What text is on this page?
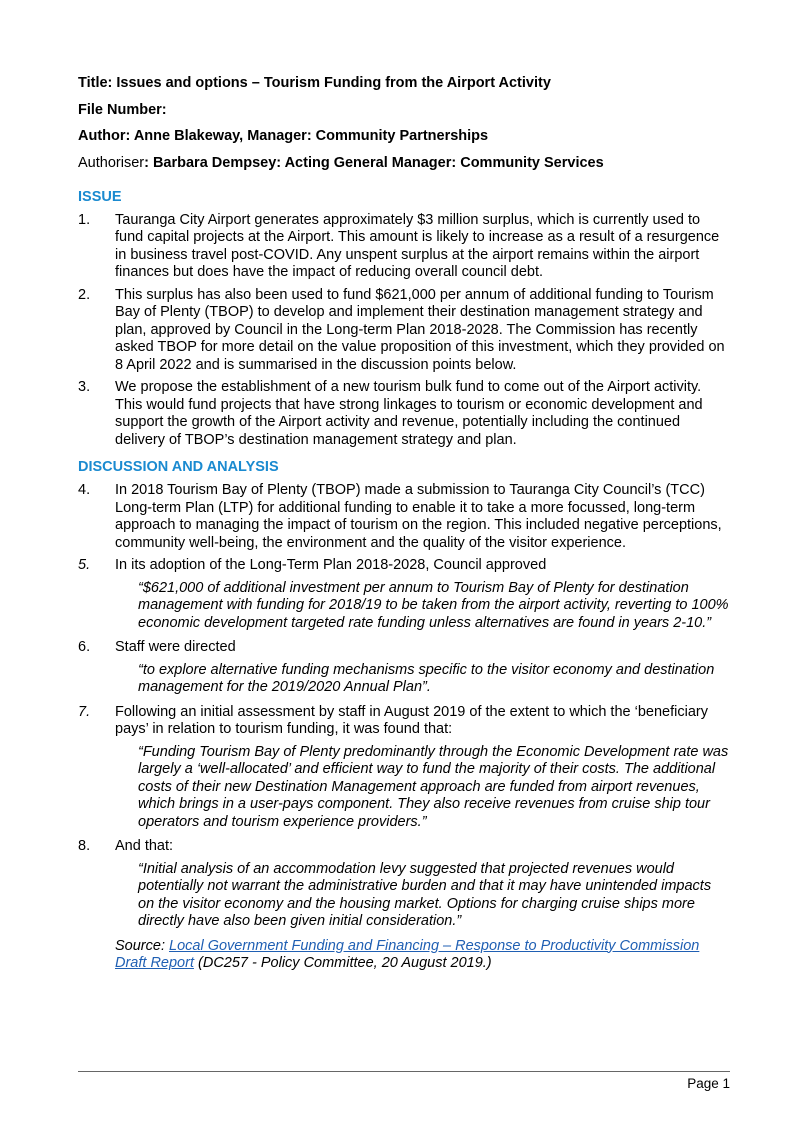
Title: Issues and options – Tourism Funding from the Airport Activity
File Number:
Author: Anne Blakeway, Manager: Community Partnerships
Authoriser: Barbara Dempsey: Acting General Manager: Community Services
ISSUE
1.	Tauranga City Airport generates approximately $3 million surplus, which is currently used to fund capital projects at the Airport. This amount is likely to increase as a result of a resurgence in business travel post-COVID. Any unspent surplus at the airport remains within the airport finances but does have the impact of reducing overall council debt.
2.	This surplus has also been used to fund $621,000 per annum of additional funding to Tourism Bay of Plenty (TBOP) to develop and implement their destination management strategy and plan, approved by Council in the Long-term Plan 2018-2028. The Commission has recently asked TBOP for more detail on the value proposition of this investment, which they provided on 8 April 2022 and is summarised in the discussion points below.
3.	We propose the establishment of a new tourism bulk fund to come out of the Airport activity. This would fund projects that have strong linkages to tourism or economic development and support the growth of the Airport activity and revenue, potentially including the continued delivery of TBOP’s destination management strategy and plan.
DISCUSSION AND ANALYSIS
4.	In 2018 Tourism Bay of Plenty (TBOP) made a submission to Tauranga City Council’s (TCC) Long-term Plan (LTP) for additional funding to enable it to take a more focussed, long-term approach to managing the impact of tourism on the region. This included negative perceptions, community well-being, the environment and the quality of the visitor experience.
5.	In its adoption of the Long-Term Plan 2018-2028, Council approved
“$621,000 of additional investment per annum to Tourism Bay of Plenty for destination management with funding for 2018/19 to be taken from the airport activity, reverting to 100% economic development targeted rate funding unless alternatives are found in years 2-10.”
6.	Staff were directed
“to explore alternative funding mechanisms specific to the visitor economy and destination management for the 2019/2020 Annual Plan”.
7.	Following an initial assessment by staff in August 2019 of the extent to which the ‘beneficiary pays’ in relation to tourism funding, it was found that:
“Funding Tourism Bay of Plenty predominantly through the Economic Development rate was largely a ‘well-allocated’ and efficient way to fund the majority of their costs. The additional costs of their new Destination Management approach are funded from airport revenues, which brings in a user-pays component. They also receive revenues from cruise ship tour operators and tourism experience providers.”
8.	And that:
“Initial analysis of an accommodation levy suggested that projected revenues would potentially not warrant the administrative burden and that it may have unintended impacts on the visitor economy and the housing market. Options for charging cruise ships more directly have also been given initial consideration.”
Source: Local Government Funding and Financing – Response to Productivity Commission Draft Report (DC257 - Policy Committee, 20 August 2019.)
Page 1
